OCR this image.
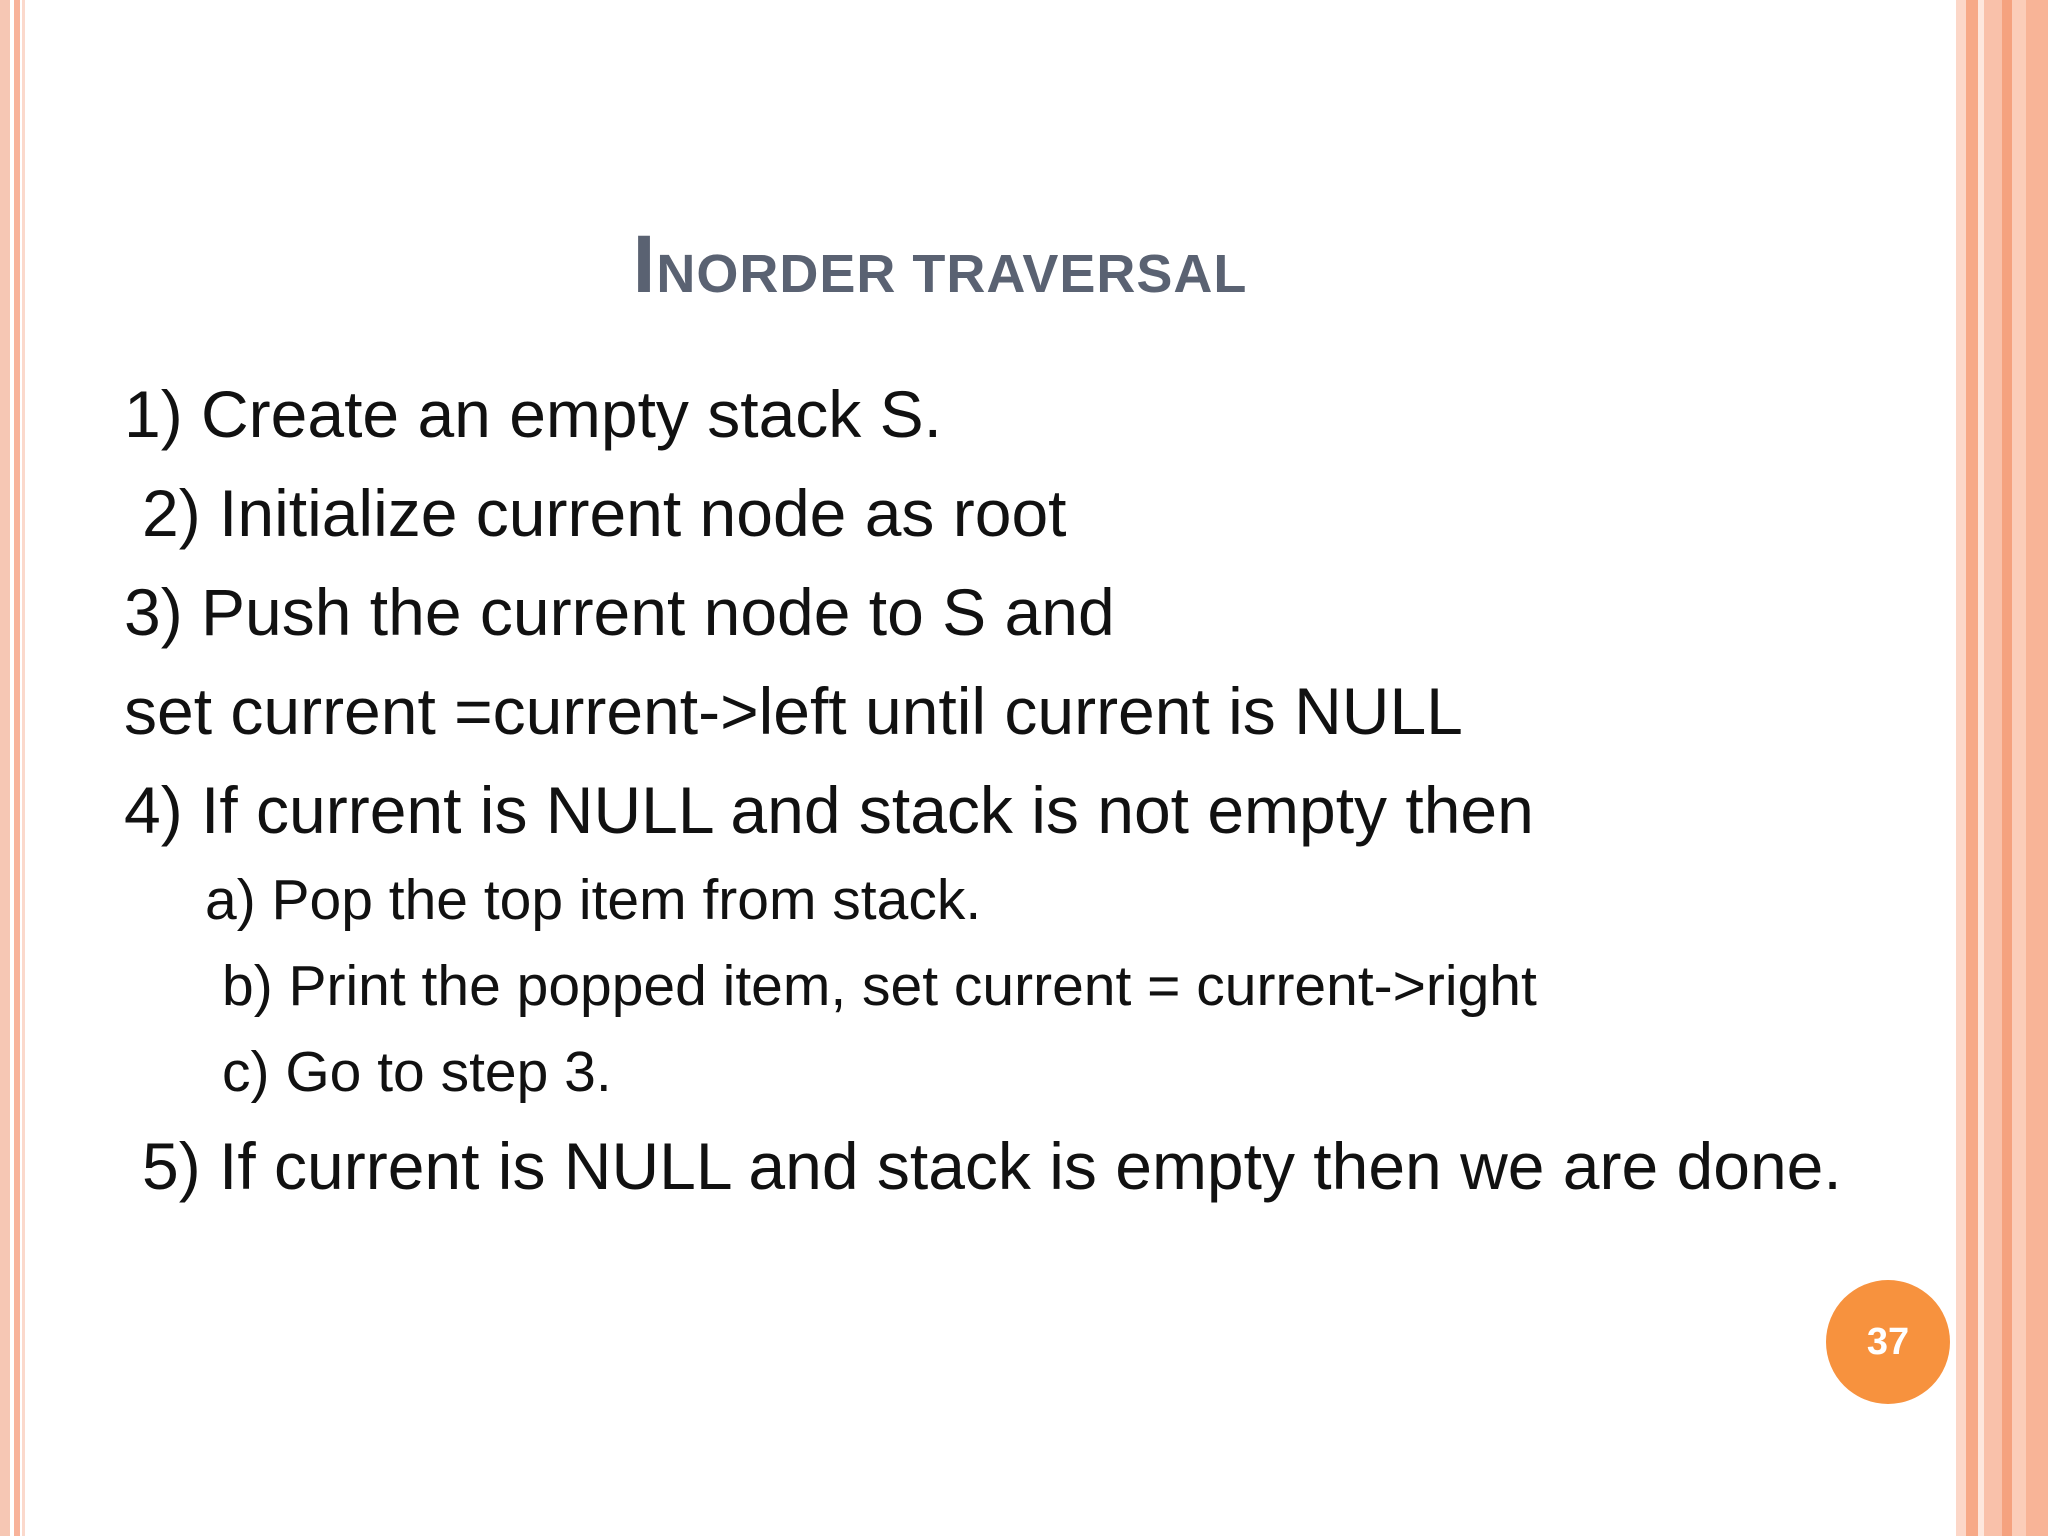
INORDER TRAVERSAL
1) Create an empty stack S.
2) Initialize current node as root
3) Push the current node to S and
set current =current->left until current is NULL
4) If current is NULL and stack is not empty then
a) Pop the top item from stack.
b) Print the popped item, set current = current->right
c) Go to step 3.
5) If current is NULL and stack is empty then we are done.
37
